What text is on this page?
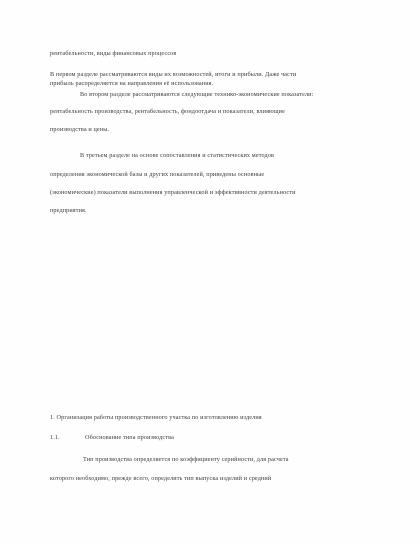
рентабельности, виды финансовых процессов
В первом разделе рассматриваются виды их возможностей, итоги и прибыли. Даже части
прибыль распределяется на направления её использования.
Во втором разделе рассматриваются следующие технико-экономические показатели:
рентабельность производства, рентабельность, фондоотдача и показатели, влияющие
производства и цены.
В третьем разделе на основе сопоставления и статистических методов
определения экономической базы и других показателей, приведены основные
(экономические) показатели выполнения управленческой и эффективности деятельности
предприятия.
1. Организация работы производственного участка по изготовлению изделия
1.1.	Обоснование типа производства
Тип производства определяется по коэффициенту серийности, для расчета
которого необходимо, прежде всего, определить тип выпуска изделий и средний
